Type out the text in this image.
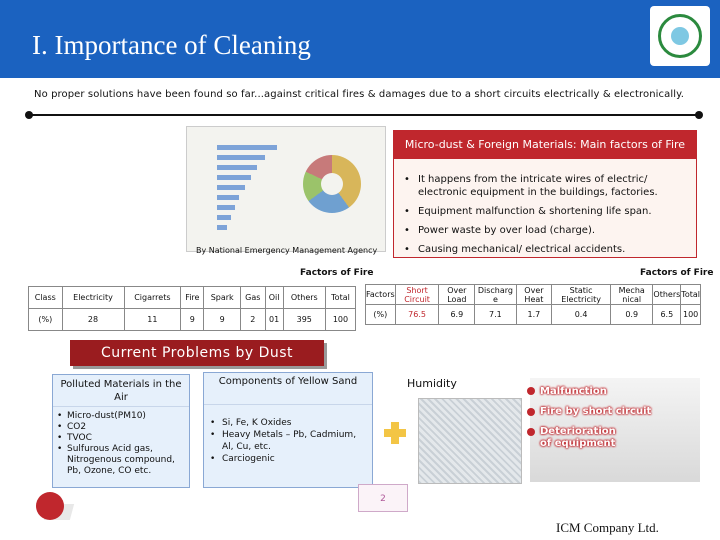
I. Importance of Cleaning
No proper solutions have been found so far...against critical fires & damages due to a short circuits electrically & electronically.
Micro-dust & Foreign Materials: Main factors of Fire
• It happens from the intricate wires of electric/ electronic equipment in the buildings, factories.
• Equipment malfunction & shortening life span.
• Power waste by over load (charge).
• Causing mechanical/ electrical accidents.
By National Emergency Management Agency
Factors of Fire	Factors of Fire
Class	Electricity	Cigarrets	Fire	Spark	Gas	Oil	Others	Total
(%)	28	11	9	9	2	01	395	100
Factors	Short Circuit	Over Load	Discharg e	Over Heat	Static Electricity	Mecha nical	Others	Total
(%)	76.5	6.9	7.1	1.7	0.4	0.9	6.5	100
Current Problems by Dust
Polluted Materials in the Air
• Micro-dust(PM10)
• CO2
• TVOC
• Sulfurous Acid gas, Nitrogenous compound, Pb, Ozone, CO etc.
Components of Yellow Sand
• Si, Fe, K Oxides
• Heavy Metals – Pb, Cadmium, Al, Cu, etc.
• Carciogenic
Humidity
Malfunction
Fire by short circuit
Deterioration of equipment
2
ICM Company Ltd.
